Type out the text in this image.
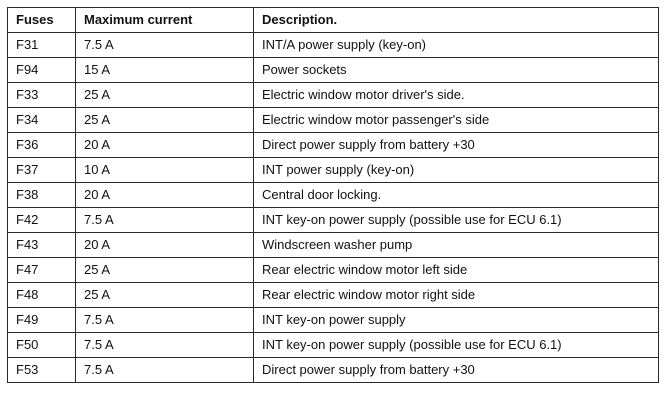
Fuses	Maximum current	Description.
F31	7.5 A	INT/A power supply (key-on)
F94	15 A	Power sockets
F33	25 A	Electric window motor driver's side.
F34	25 A	Electric window motor passenger's side
F36	20 A	Direct power supply from battery +30
F37	10 A	INT power supply (key-on)
F38	20 A	Central door locking.
F42	7.5 A	INT key-on power supply (possible use for ECU 6.1)
F43	20 A	Windscreen washer pump
F47	25 A	Rear electric window motor left side
F48	25 A	Rear electric window motor right side
F49	7.5 A	INT key-on power supply
F50	7.5 A	INT key-on power supply (possible use for ECU 6.1)
F53	7.5 A	Direct power supply from battery +30
